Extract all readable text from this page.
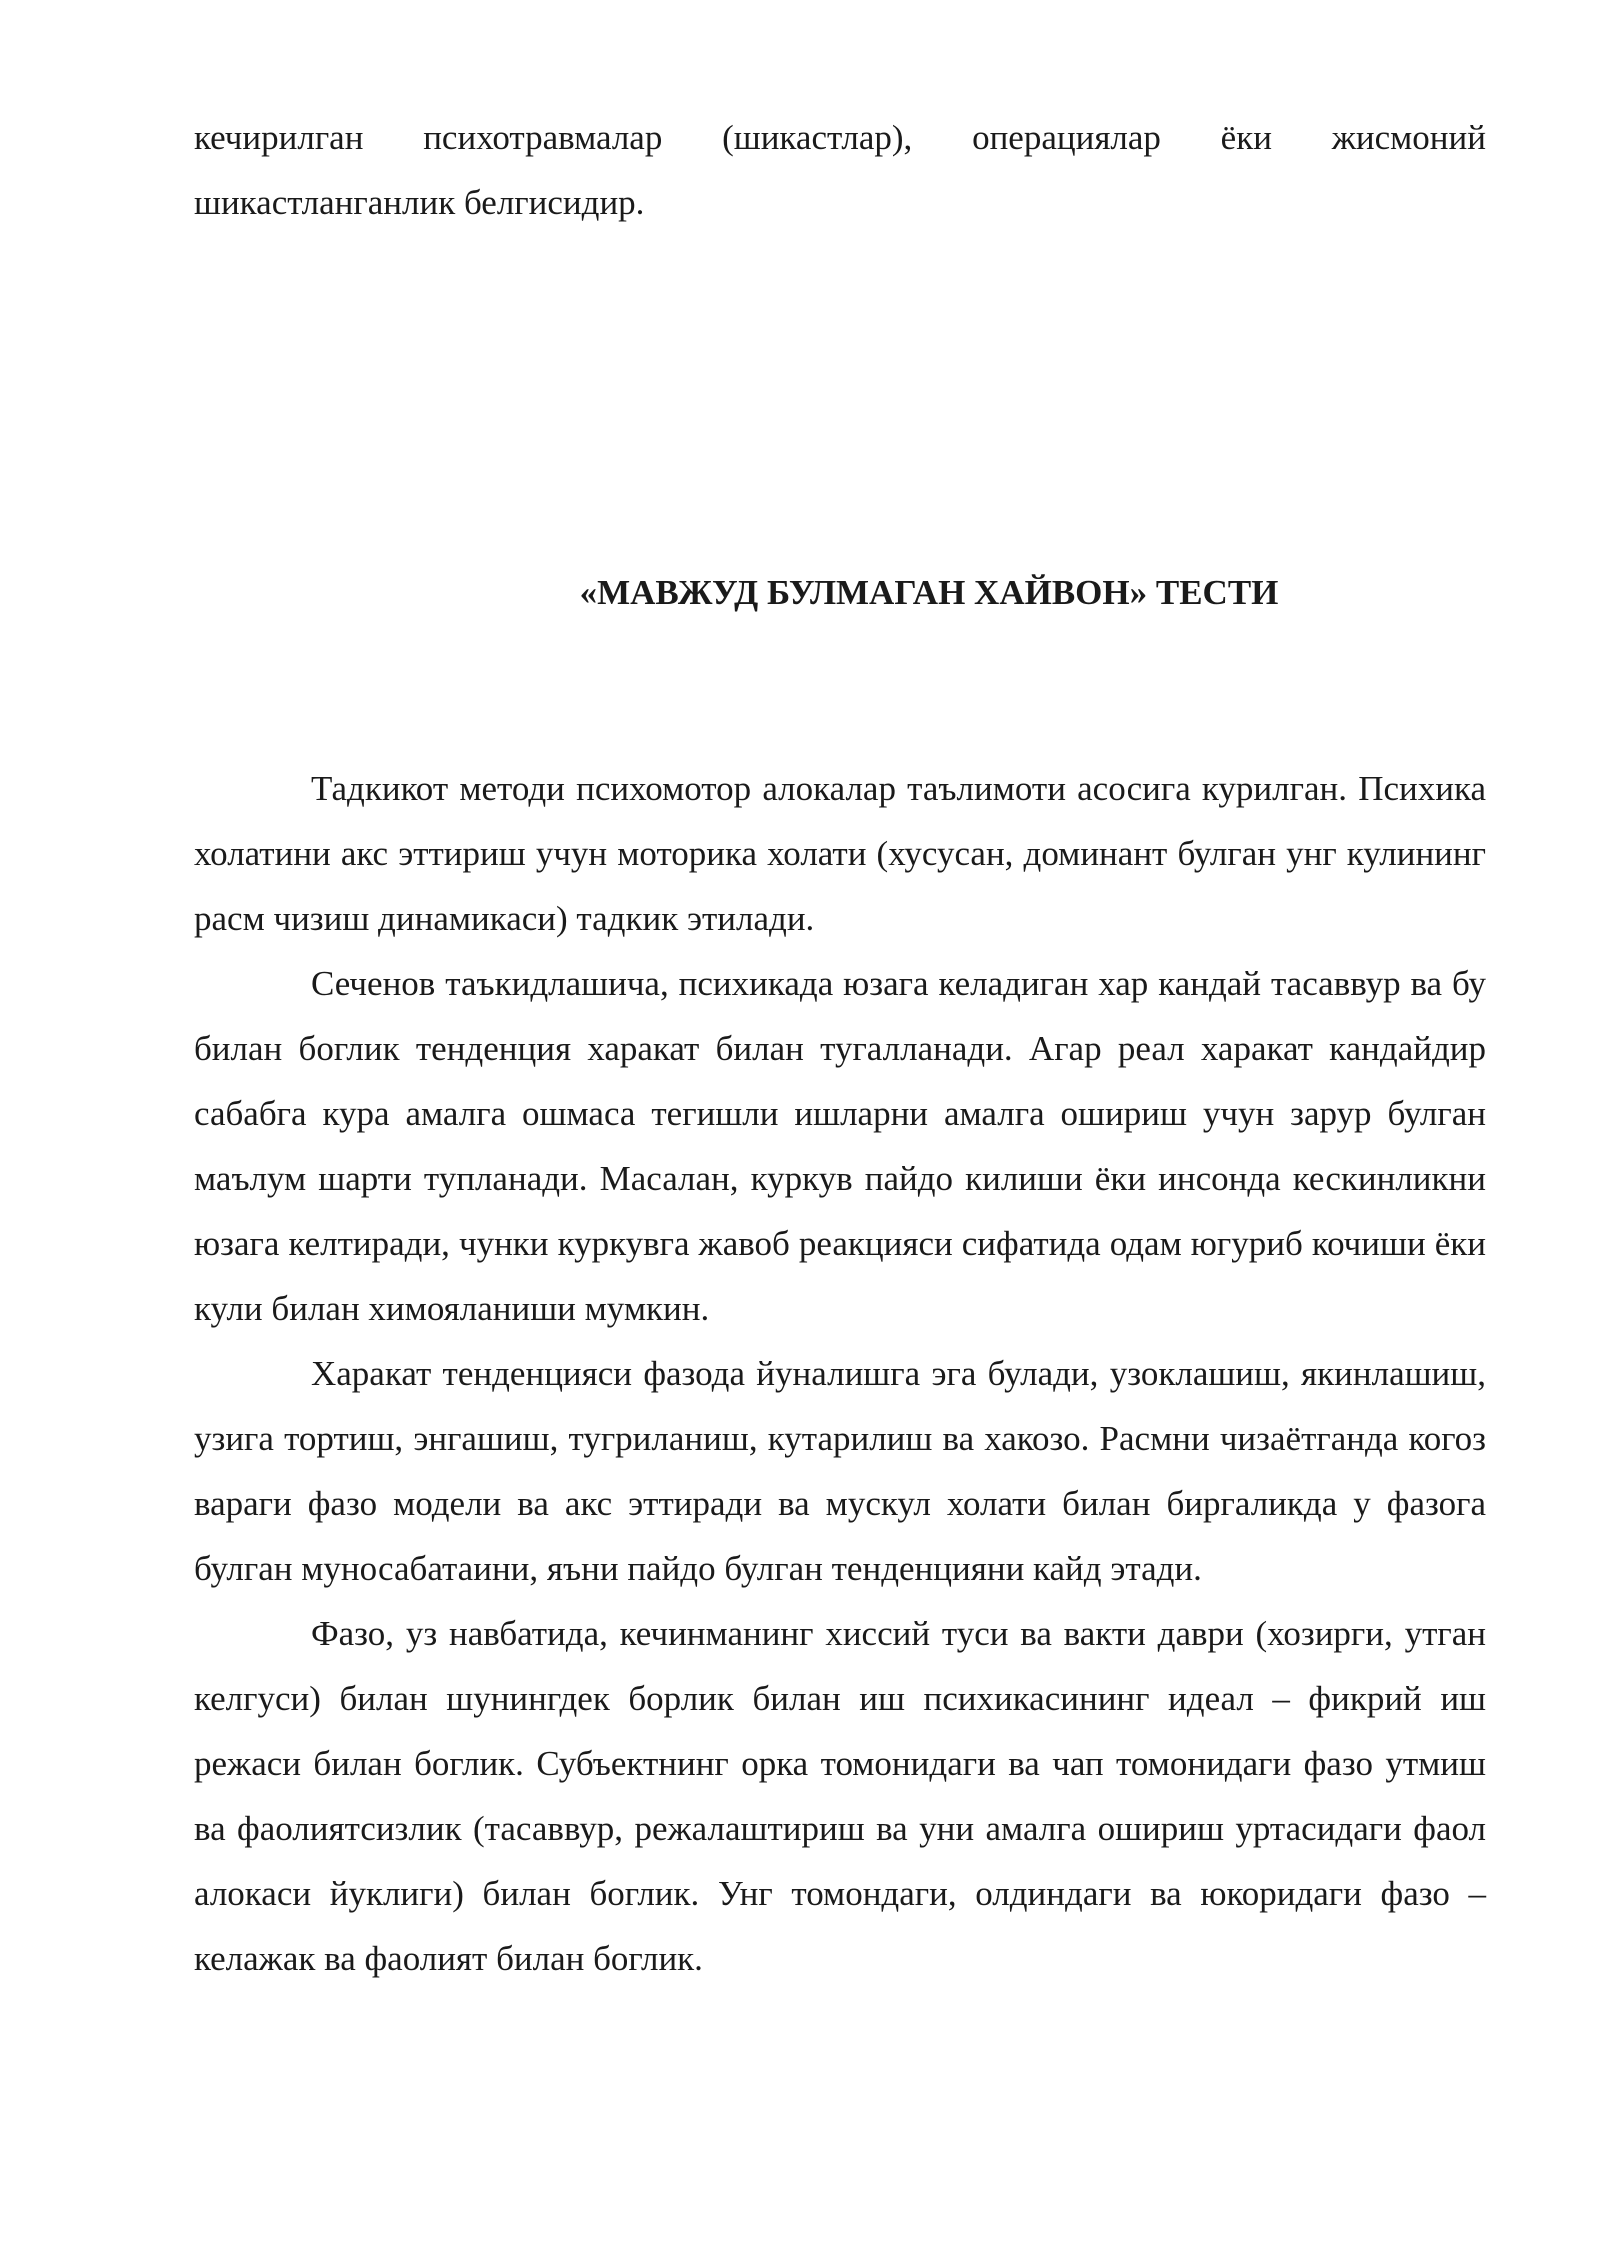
кечирилган психотравмалар (шикастлар), операциялар ёки жисмоний шикастланганлик белгисидир.
«МАВЖУД БУЛМАГАН ХАЙВОН» ТЕСТИ

Тадкикот методи психомотор алокалар таълимоти асосига курилган. Психика холатини акс эттириш учун моторика холати (хусусан, доминант булган унг кулининг расм чизиш динамикаси) тадкик этилади.

Сеченов таъкидлашича, психикада юзага келадиган хар кандай тасаввур ва бу билан боглик тенденция харакат билан тугалланади. Агар реал харакат кандайдир сабабга кура амалга ошмаса тегишли ишларни амалга ошириш учун зарур булган маълум шарти тупланади. Масалан, куркув пайдо килиши ёки инсонда кескинликни юзага келтиради, чунки куркувга жавоб реакцияси сифатида одам югуриб кочиши ёки кули билан химояланиши мумкин.

Харакат тенденцияси фазода йуналишга эга булади, узоклашиш, якинлашиш, узига тортиш, энгашиш, тугриланиш, кутарилиш ва хакозо. Расмни чизаётганда когоз вараги фазо модели ва акс эттиради ва мускул холати билан биргаликда у фазога булган муносабатаини, яъни пайдо булган тенденцияни кайд этади.

Фазо, уз навбатида, кечинманинг хиссий туси ва вакти даври (хозирги, утган келгуси) билан шунингдек борлик билан иш психикасининг идеал – фикрий иш режаси билан боглик. Субъектнинг орка томонидаги ва чап томонидаги фазо утмиш ва фаолиятсизлик (тасаввур, режалаштириш ва уни амалга ошириш уртасидаги фаол алокаси йуклиги) билан боглик. Унг томондаги, олдиндаги ва юкоридаги фазо – келажак ва фаолият билан боглик.
